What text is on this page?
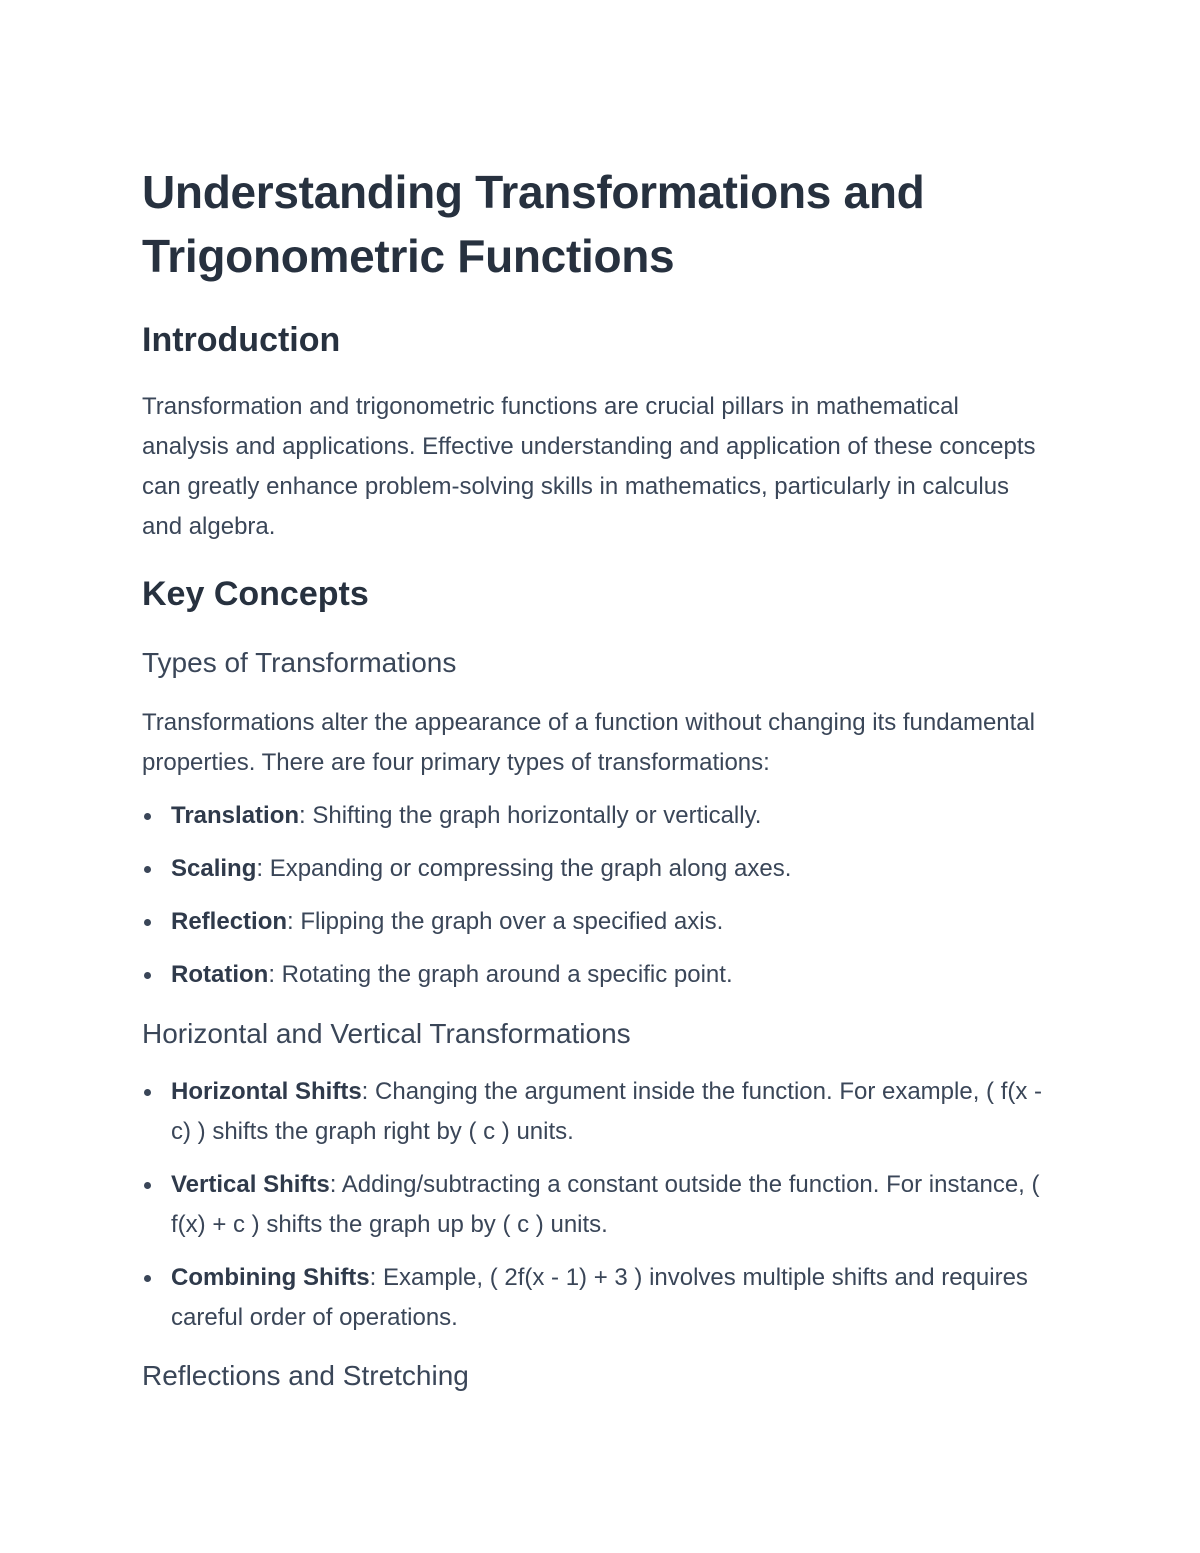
Understanding Transformations and Trigonometric Functions
Introduction

Transformation and trigonometric functions are crucial pillars in mathematical analysis and applications. Effective understanding and application of these concepts can greatly enhance problem-solving skills in mathematics, particularly in calculus and algebra.

Key Concepts
Types of Transformations

Transformations alter the appearance of a function without changing its fundamental properties. There are four primary types of transformations:

Translation: Shifting the graph horizontally or vertically.
Scaling: Expanding or compressing the graph along axes.
Reflection: Flipping the graph over a specified axis.
Rotation: Rotating the graph around a specific point.
Horizontal and Vertical Transformations
Horizontal Shifts: Changing the argument inside the function. For example, ( f(x - c) ) shifts the graph right by ( c ) units.
Vertical Shifts: Adding/subtracting a constant outside the function. For instance, ( f(x) + c ) shifts the graph up by ( c ) units.
Combining Shifts: Example, ( 2f(x - 1) + 3 ) involves multiple shifts and requires careful order of operations.
Reflections and Stretching
